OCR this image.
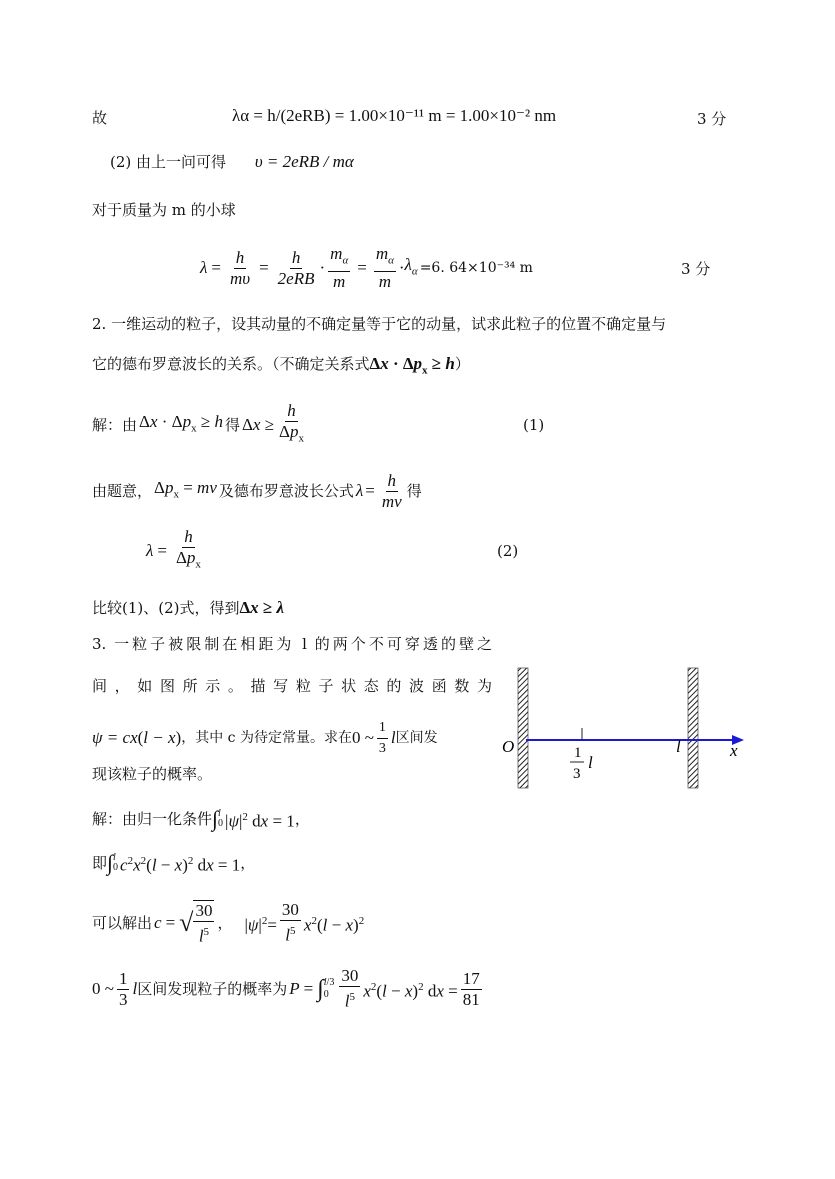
故	λα = h/(2eRB) = 1.00×10⁻¹¹ m = 1.00×10⁻² nm	3 分
(2) 由上一问可得 υ = 2eRB / mα
对于质量为 m 的小球
$\lambda = \frac{h}{m\upsilon} = \frac{h}{\text{2eRB}} \cdot \frac{m_\alpha}{m} = \frac{m_\alpha}{m} \cdot \lambda_\alpha =6$. 64×10⁻³⁴ m	3 分
2. 一维运动的粒子，设其动量的不确定量等于它的动量，试求此粒子的位置不确定量与
它的德布罗意波长的关系。（不确定关系式$\Delta x \cdot \Delta p_x \ge h$）
解：由 $\Delta x \cdot \Delta p_x \ge h$ 得 $\Delta x \ge \frac{h}{\Delta p_x}$	(1)
由题意， $\Delta p_x$ = mv 及德布罗意波长公式 $\lambda = \frac{h}{mv}$ 得
$\lambda = \frac{h}{\Delta p_x}$	(2)
比较(1)、(2)式，得到Δx ≥ λ
3. 一粒子被限制在相距为 l 的两个不可穿透的壁之
间，如图所示。描写粒子状态的波函数为
ψ = cx ( l − x ) ，其中 c 为待定常量。求在 0 ~ $\frac{1}{3}$ l 区间发
现该粒子的概率。
O	l	x
1
3
l
解：由归一化条件 ∫ l
0 $|\psi|^2$ dx = 1 ，
即 ∫ l
0 $c^2x^2(l - x)^2$ dx = 1 ，
可以解出 c = √ $\frac{30}{l^5}$ ， $|\psi|^2= \frac{30}{l^5} x^2(l - x)^2$
0 ~ $\frac{1}{3}$ l 区间发现粒子的概率为 P = ∫ l/3
$0 \frac{30}{l^5} x^2(l - x)^2$ dx = $\frac{17}{81}$
